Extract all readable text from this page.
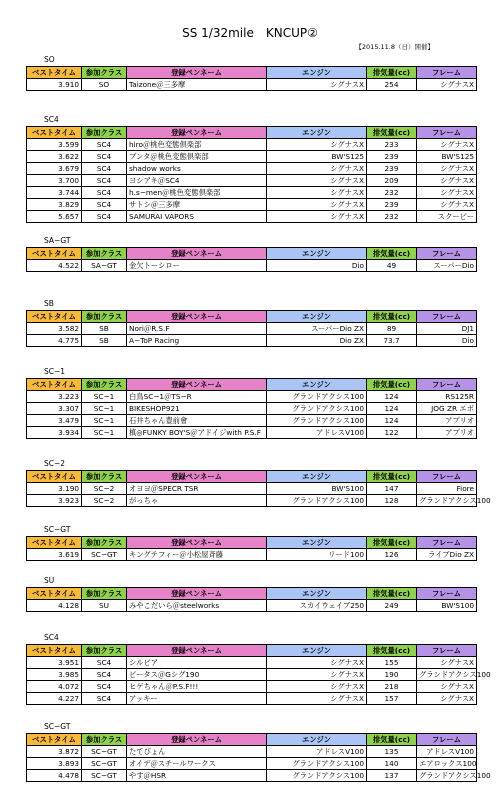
SS 1/32mile　KNCUP②
【2015.11.8（日）開催】
SO
ベストタイム	参加クラス	登録ペンネーム	エンジン	排気量(cc)	フレーム
3.910	SO	Taizone＠三多摩	シグナスX	254	シグナスX
SC4
ベストタイム	参加クラス	登録ペンネーム	エンジン	排気量(cc)	フレーム
3.599	SC4	hiro＠桃色変態倶楽部	シグナスX	233	シグナスX
3.622	SC4	ブンタ＠桃色変態倶楽部	BW'S125	239	BW'S125
3.679	SC4	shadow works	シグナスX	239	シグナスX
3.700	SC4	ヨシアキ＠SC4	シグナスX	209	シグナスX
3.744	SC4	h.s−men＠桃色変態倶楽部	シグナスX	232	シグナスX
3.829	SC4	サトシ＠三多摩	シグナスX	239	シグナスX
5.657	SC4	SAMURAI VAPORS	シグナスX	232	スクーピー
SA−GT
ベストタイム	参加クラス	登録ペンネーム	エンジン	排気量(cc)	フレーム
4.522	SA−GT	金欠トーシロー	Dio	49	スーパーDio
SB
ベストタイム	参加クラス	登録ペンネーム	エンジン	排気量(cc)	フレーム
3.582	SB	Nori＠R.S.F	スーパーDio ZX	89	DJ1
4.775	SB	A−ToP Racing	Dio ZX	73.7	Dio
SC−1
ベストタイム	参加クラス	登録ペンネーム	エンジン	排気量(cc)	フレーム
3.223	SC−1	白鳥SC−1＠TS−R	グランドアクシス100	124	RS125R
3.307	SC−1	BIKESHOP921	グランドアクシス100	124	JOG ZR エボ
3.479	SC−1	石井ちゃん豊前會	グランドアクシス100	124	アプリオ
3.934	SC−1	槙◎FUNKY BOY'S＠アドイジwith P.S.F	アドレスV100	122	アプリオ
SC−2
ベストタイム	参加クラス	登録ペンネーム	エンジン	排気量(cc)	フレーム
3.190	SC−2	オヨヨ＠SPECR TSR	BW'S100	147	Fiore
3.923	SC−2	がっちゃ	グランドアクシス100	128	グランドアクシス100
SC−GT
ベストタイム	参加クラス	登録ペンネーム	エンジン	排気量(cc)	フレーム
3.619	SC−GT	キングテフィー＠小松屋斉藤	リード100	126	ライブDio ZX
SU
ベストタイム	参加クラス	登録ペンネーム	エンジン	排気量(cc)	フレーム
4.128	SU	みやこだいら＠steelworks	スカイウェイブ250	249	BW'S100
SC4
ベストタイム	参加クラス	登録ペンネーム	エンジン	排気量(cc)	フレーム
3.951	SC4	シルビア	シグナスX	155	シグナスX
3.985	SC4	ビータス＠Gシグ190	シグナスX	190	グランドアクシス100
4.072	SC4	ヒゲちゃん＠P.S.F!!!	シグナスX	218	シグナスX
4.227	SC4	アッキー	シグナスX	157	シグナスX
SC−GT
ベストタイム	参加クラス	登録ペンネーム	エンジン	排気量(cc)	フレーム
3.872	SC−GT	たてぴょん	アドレスV100	135	アドレスV100
3.893	SC−GT	オイデ＠スチールワークス	グランドアクシス100	140	エアロックス100
4.478	SC−GT	やす＠HSR	グランドアクシス100	137	グランドアクシス100
